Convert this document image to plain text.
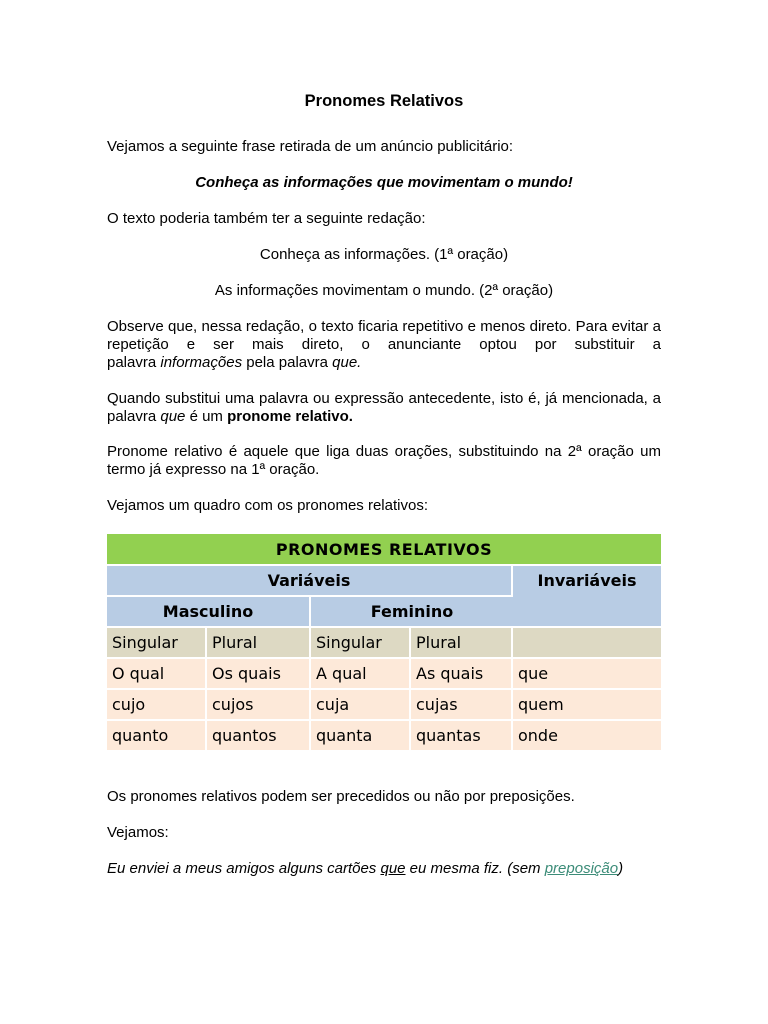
Pronomes Relativos

Vejamos a seguinte frase retirada de um anúncio publicitário:

Conheça as informações que movimentam o mundo!

O texto poderia também ter a seguinte redação:

Conheça as informações. (1ª oração)

As informações movimentam o mundo. (2ª oração)

Observe que, nessa redação, o texto ficaria repetitivo e menos direto. Para evitar a
repetição e ser mais direto, o anunciante optou por substituir a
palavra informações pela palavra que.
Quando substitui uma palavra ou expressão antecedente, isto é, já mencionada, a
palavra que é um pronome relativo.
Pronome relativo é aquele que liga duas orações, substituindo na 2ª oração um
termo já expresso na 1ª oração.

Vejamos um quadro com os pronomes relativos:

Os pronomes relativos podem ser precedidos ou não por preposições.

Vejamos:

Eu enviei a meus amigos alguns cartões que eu mesma fiz. (sem preposição)

PRONOMES RELATIVOS				
Variáveis				Invariáveis
Masculino		Feminino		
Singular	Plural	Singular	Plural	
O qual	Os quais	A qual	As quais	que
cujo	cujos	cuja	cujas	quem
quanto	quantos	quanta	quantas	onde
